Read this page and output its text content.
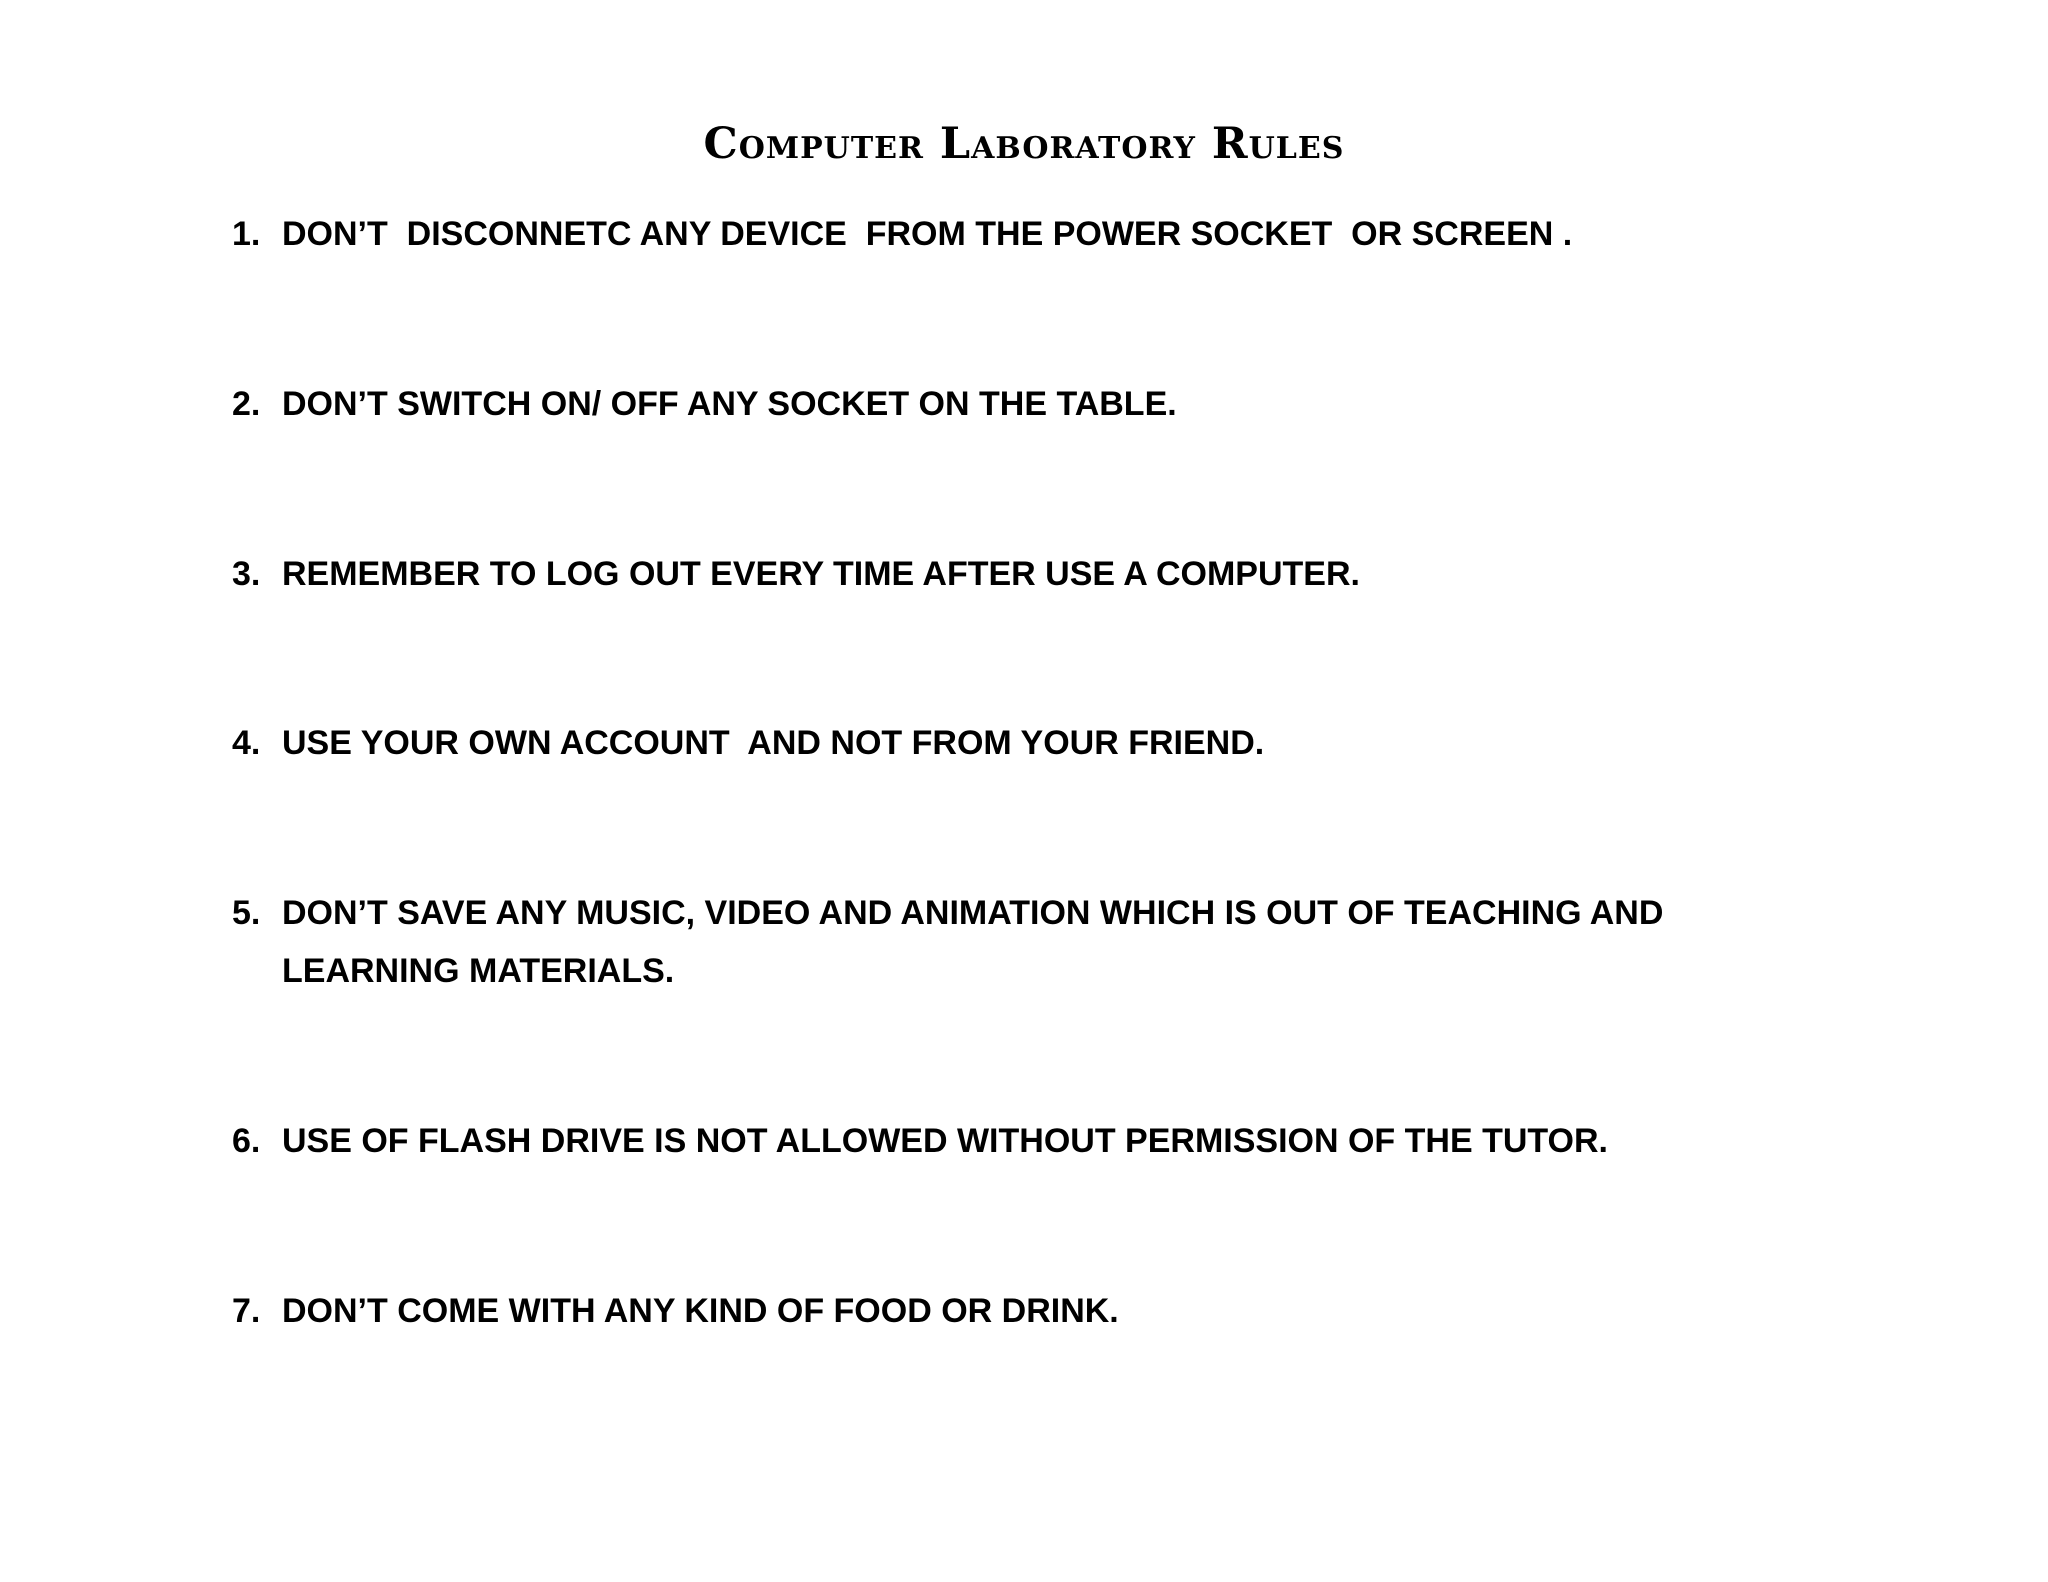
Computer Laboratory Rules
1. DON’T  DISCONNETC ANY DEVICE  FROM THE POWER SOCKET  OR SCREEN .
2. DON’T SWITCH ON/ OFF ANY SOCKET ON THE TABLE.
3. REMEMBER TO LOG OUT EVERY TIME AFTER USE A COMPUTER.
4. USE YOUR OWN ACCOUNT  AND NOT FROM YOUR FRIEND.
5. DON’T SAVE ANY MUSIC, VIDEO AND ANIMATION WHICH IS OUT OF TEACHING AND LEARNING MATERIALS.
6. USE OF FLASH DRIVE IS NOT ALLOWED WITHOUT PERMISSION OF THE TUTOR.
7. DON’T COME WITH ANY KIND OF FOOD OR DRINK.
